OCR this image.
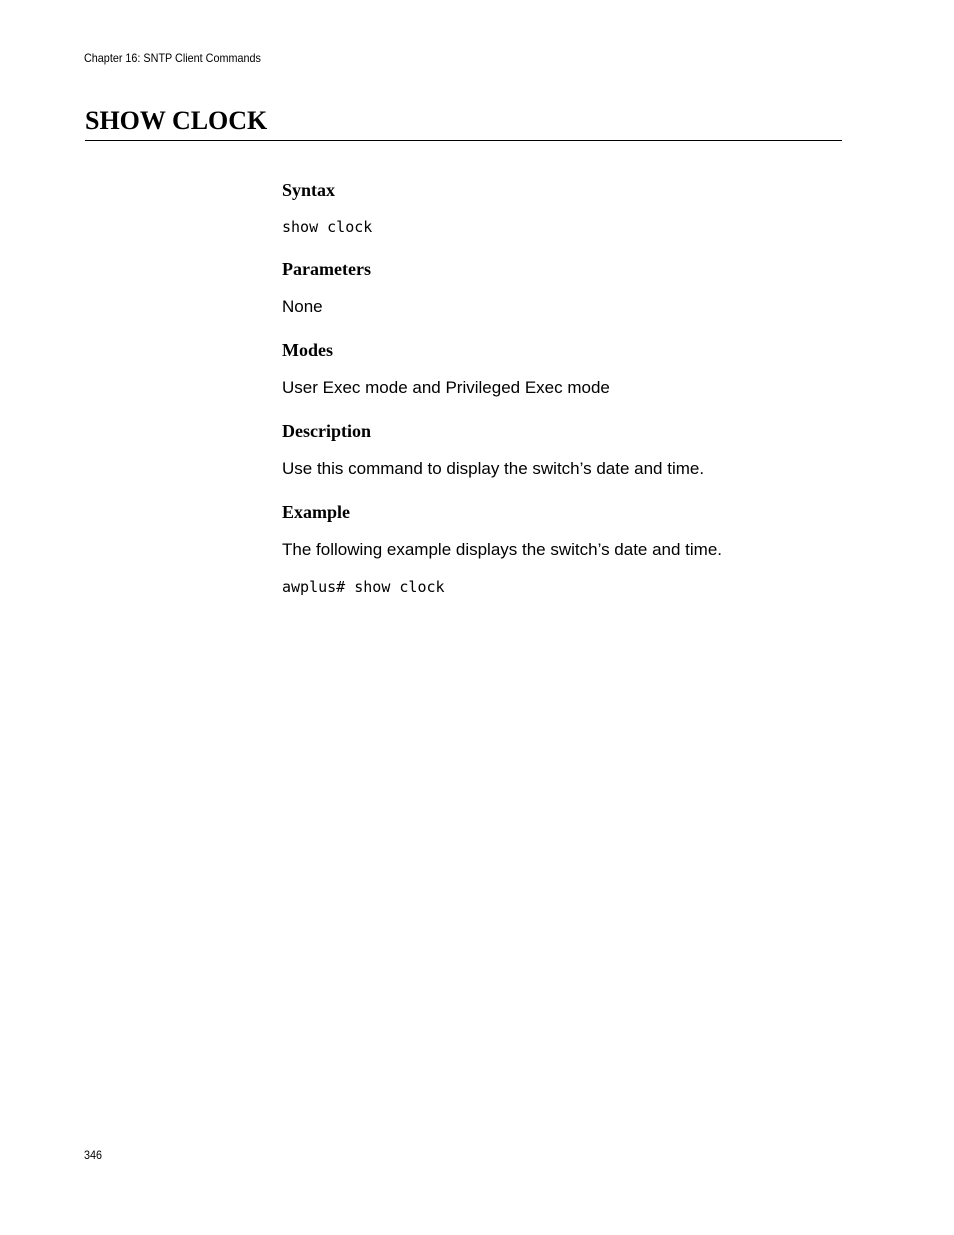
Chapter 16: SNTP Client Commands
SHOW CLOCK
Syntax
show clock
Parameters

None

Modes

User Exec mode and Privileged Exec mode

Description

Use this command to display the switch’s date and time.

Example

The following example displays the switch’s date and time.

awplus# show clock
346
